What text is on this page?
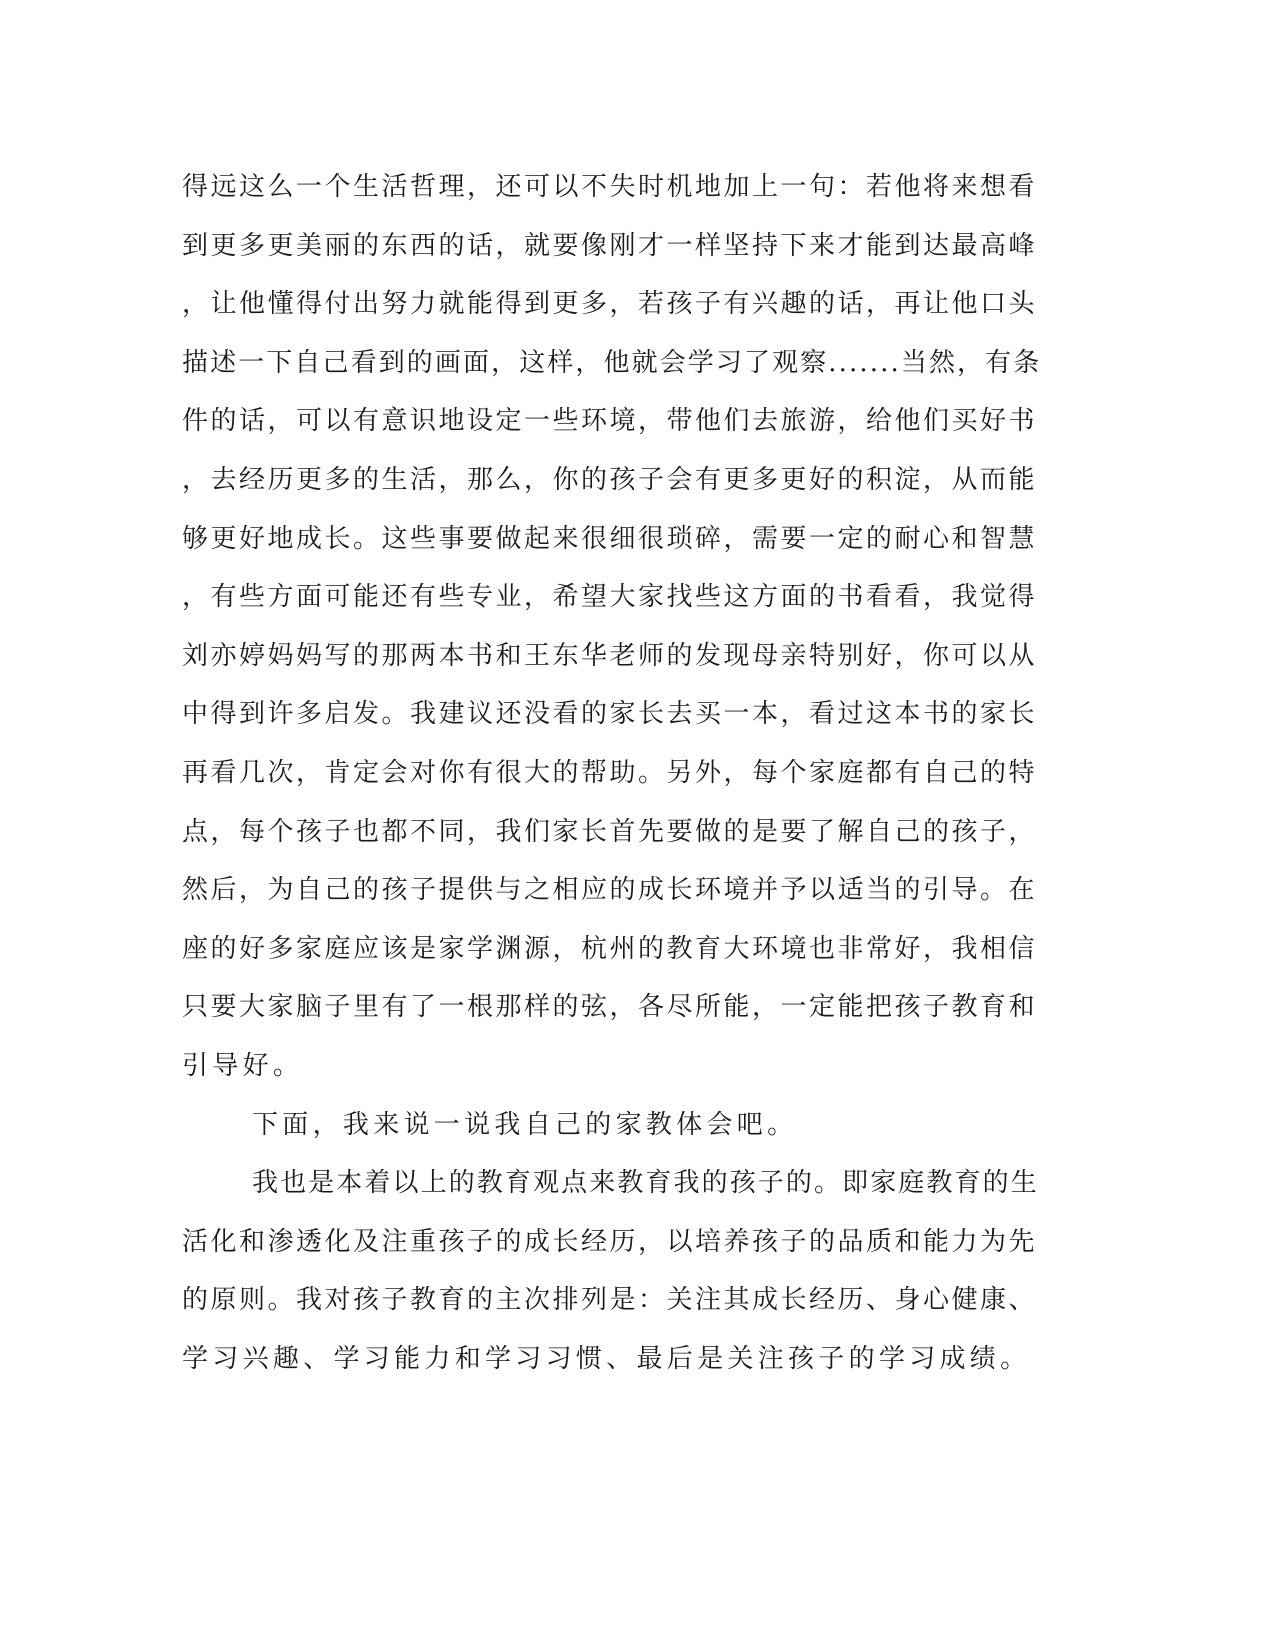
得远这么一个生活哲理，还可以不失时机地加上一句：若他将来想看
到更多更美丽的东西的话，就要像刚才一样坚持下来才能到达最高峰
，让他懂得付出努力就能得到更多，若孩子有兴趣的话，再让他口头
描述一下自己看到的画面，这样，他就会学习了观察.......当然，有条
件的话，可以有意识地设定一些环境，带他们去旅游，给他们买好书
，去经历更多的生活，那么，你的孩子会有更多更好的积淀，从而能
够更好地成长。这些事要做起来很细很琐碎，需要一定的耐心和智慧
，有些方面可能还有些专业，希望大家找些这方面的书看看，我觉得
刘亦婷妈妈写的那两本书和王东华老师的发现母亲特别好，你可以从
中得到许多启发。我建议还没看的家长去买一本，看过这本书的家长
再看几次，肯定会对你有很大的帮助。另外，每个家庭都有自己的特
点，每个孩子也都不同，我们家长首先要做的是要了解自己的孩子，
然后，为自己的孩子提供与之相应的成长环境并予以适当的引导。在
座的好多家庭应该是家学渊源，杭州的教育大环境也非常好，我相信
只要大家脑子里有了一根那样的弦，各尽所能，一定能把孩子教育和
引导好。
下面，我来说一说我自己的家教体会吧。
我也是本着以上的教育观点来教育我的孩子的。即家庭教育的生
活化和渗透化及注重孩子的成长经历，以培养孩子的品质和能力为先
的原则。我对孩子教育的主次排列是：关注其成长经历、身心健康、
学习兴趣、学习能力和学习习惯、最后是关注孩子的学习成绩。
